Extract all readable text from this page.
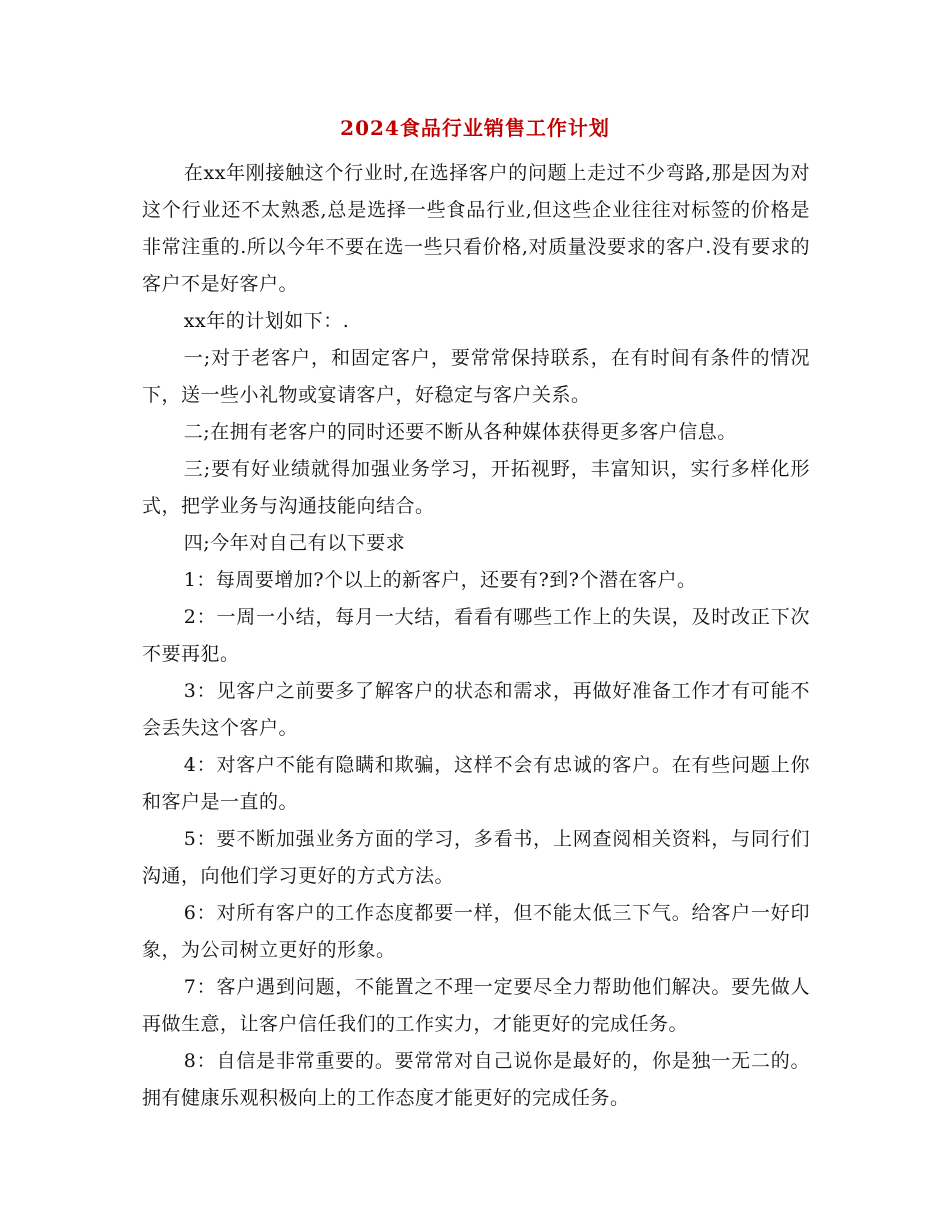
2024食品行业销售工作计划

在xx年刚接触这个行业时,在选择客户的问题上走过不少弯路,那是因为对这个行业还不太熟悉,总是选择一些食品行业,但这些企业往往对标签的价格是非常注重的.所以今年不要在选一些只看价格,对质量没要求的客户.没有要求的客户不是好客户。

xx年的计划如下：.

一;对于老客户，和固定客户，要常常保持联系，在有时间有条件的情况下，送一些小礼物或宴请客户，好稳定与客户关系。

二;在拥有老客户的同时还要不断从各种媒体获得更多客户信息。

三;要有好业绩就得加强业务学习，开拓视野，丰富知识，实行多样化形式，把学业务与沟通技能向结合。

四;今年对自己有以下要求

1：每周要增加?个以上的新客户，还要有?到?个潜在客户。

2：一周一小结，每月一大结，看看有哪些工作上的失误，及时改正下次不要再犯。

3：见客户之前要多了解客户的状态和需求，再做好准备工作才有可能不会丢失这个客户。

4：对客户不能有隐瞒和欺骗，这样不会有忠诚的客户。在有些问题上你和客户是一直的。

5：要不断加强业务方面的学习，多看书，上网查阅相关资料，与同行们沟通，向他们学习更好的方式方法。

6：对所有客户的工作态度都要一样，但不能太低三下气。给客户一好印象，为公司树立更好的形象。

7：客户遇到问题，不能置之不理一定要尽全力帮助他们解决。要先做人再做生意，让客户信任我们的工作实力，才能更好的完成任务。

8：自信是非常重要的。要常常对自己说你是最好的，你是独一无二的。拥有健康乐观积极向上的工作态度才能更好的完成任务。
